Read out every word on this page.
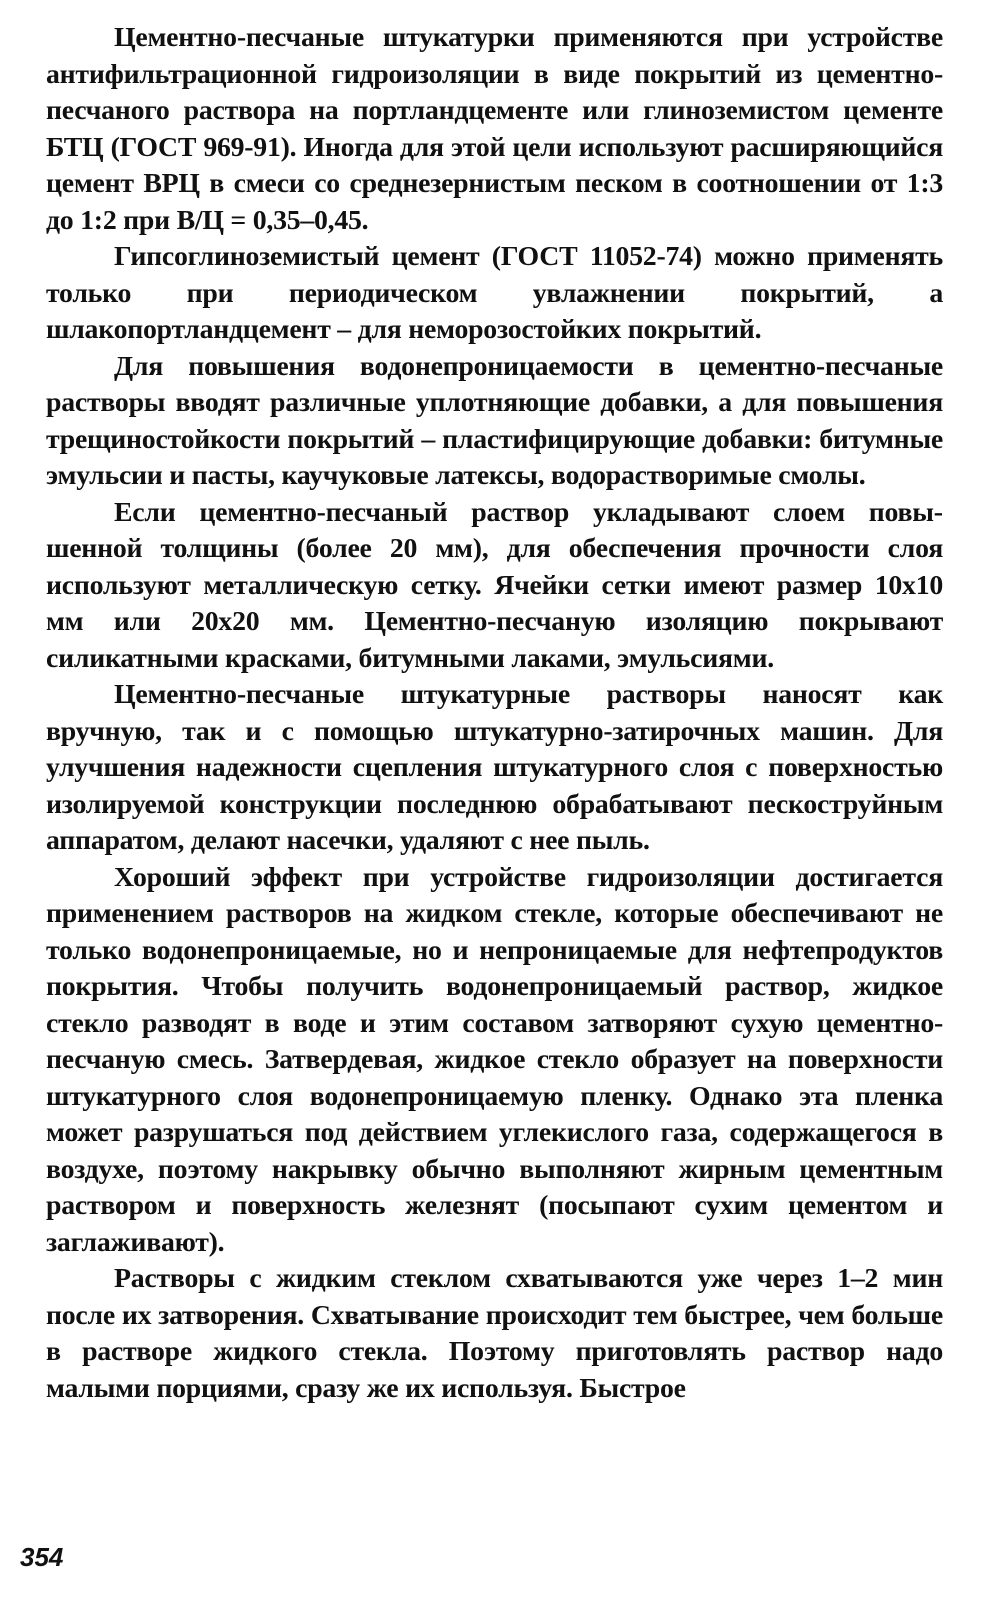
Цементно-песчаные штукатурки применяются при устройстве антифильтрационной гидроизоляции в виде покрытий из цементно-песчаного раствора на портландцементе или глиноземистом цементе БТЦ (ГОСТ 969-91). Иногда для этой цели используют расширяющийся цемент ВРЦ в смеси со среднезернистым песком в соотношении от 1:3 до 1:2 при В/Ц = 0,35–0,45.

Гипсоглиноземистый цемент (ГОСТ 11052-74) можно применять только при периодическом увлажнении покрытий, а шлакопортландцемент – для неморозостойких покрытий.

Для повышения водонепроницаемости в цементно-песчаные растворы вводят различные уплотняющие добавки, а для повышения трещиностойкости покрытий – пластифицирующие добавки: битумные эмульсии и пасты, каучуковые латексы, водорастворимые смолы.

Если цементно-песчаный раствор укладывают слоем повышенной толщины (более 20 мм), для обеспечения прочности слоя используют металлическую сетку. Ячейки сетки имеют размер 10х10 мм или 20х20 мм. Цементно-песчаную изоляцию покрывают силикатными красками, битумными лаками, эмульсиями.

Цементно-песчаные штукатурные растворы наносят как вручную, так и с помощью штукатурно-затирочных машин. Для улучшения надежности сцепления штукатурного слоя с поверхностью изолируемой конструкции последнюю обрабатывают пескоструйным аппаратом, делают насечки, удаляют с нее пыль.

Хороший эффект при устройстве гидроизоляции достигается применением растворов на жидком стекле, которые обеспечивают не только водонепроницаемые, но и непроницаемые для нефтепродуктов покрытия. Чтобы получить водонепроницаемый раствор, жидкое стекло разводят в воде и этим составом затворяют сухую цементно-песчаную смесь. Затвердевая, жидкое стекло образует на поверхности штукатурного слоя водонепроницаемую пленку. Однако эта пленка может разрушаться под действием углекислого газа, содержащегося в воздухе, поэтому накрывку обычно выполняют жирным цементным раствором и поверхность железнят (посыпают сухим цементом и заглаживают).

Растворы с жидким стеклом схватываются уже через 1–2 мин после их затворения. Схватывание происходит тем быстрее, чем больше в растворе жидкого стекла. Поэтому приготовлять раствор надо малыми порциями, сразу же их используя. Быстрое

354
